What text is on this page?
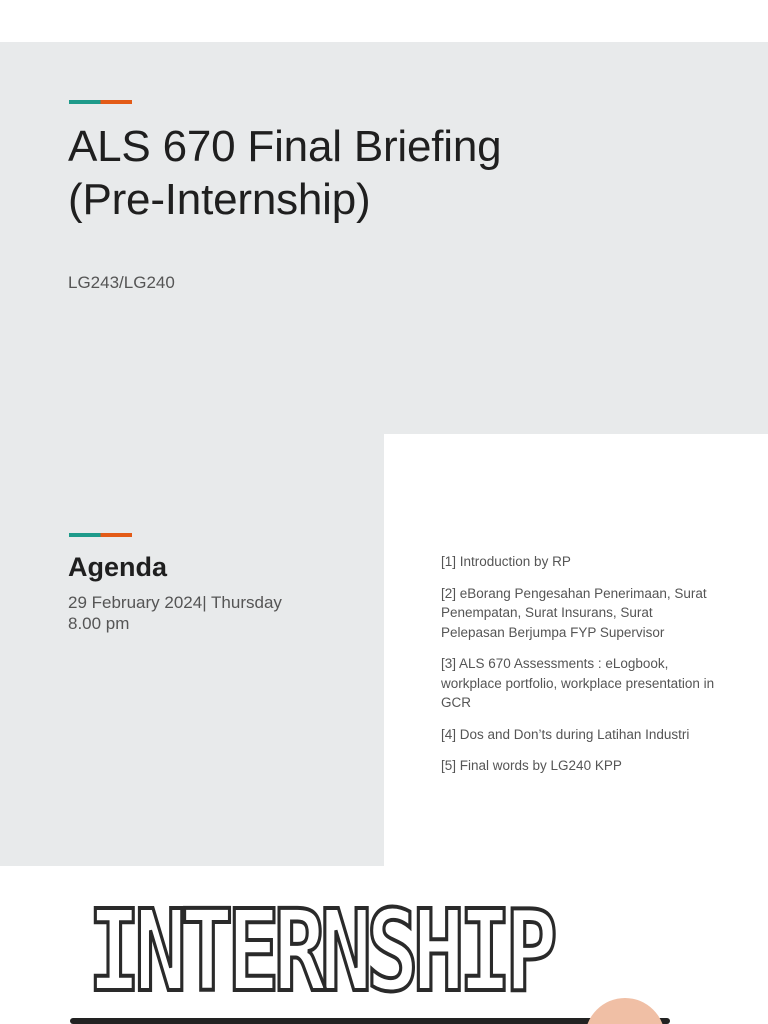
ALS 670 Final Briefing
(Pre-Internship)

LG243/LG240

Agenda

29 February 2024| Thursday
8.00 pm

[1] Introduction by RP
[2] eBorang Pengesahan Penerimaan, Surat Penempatan, Surat Insurans, Surat Pelepasan Berjumpa FYP Supervisor
[3] ALS 670 Assessments : eLogbook, workplace portfolio, workplace presentation in GCR
[4] Dos and Don’ts during Latihan Industri
[5] Final words by LG240 KPP

INTERNSHIP
